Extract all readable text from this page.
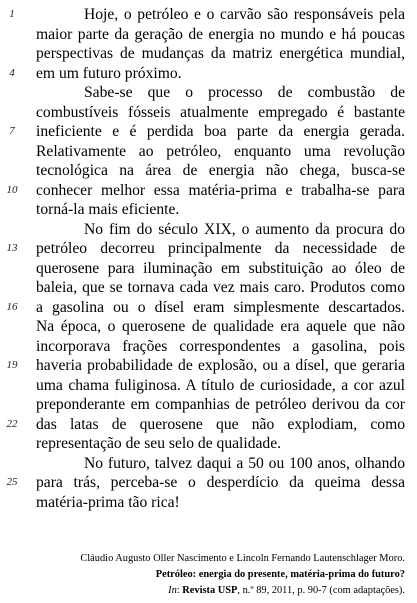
1	Hoje, o petróleo e o carvão são responsáveis pela
maior parte da geração de energia no mundo e há poucas
perspectivas de mudanças da matriz energética mundial,
4	em um futuro próximo.
Sabe-se que o processo de combustão de
combustíveis fósseis atualmente empregado é bastante
7	ineficiente e é perdida boa parte da energia gerada.
Relativamente ao petróleo, enquanto uma revolução
tecnológica na área de energia não chega, busca-se
10	conhecer melhor essa matéria-prima e trabalha-se para
torná-la mais eficiente.
No fim do século XIX, o aumento da procura do
13	petróleo decorreu principalmente da necessidade de
querosene para iluminação em substituição ao óleo de
baleia, que se tornava cada vez mais caro. Produtos como
16	a gasolina ou o dísel eram simplesmente descartados.
Na época, o querosene de qualidade era aquele que não
incorporava frações correspondentes a gasolina, pois
19	haveria probabilidade de explosão, ou a dísel, que geraria
uma chama fuliginosa. A título de curiosidade, a cor azul
preponderante em companhias de petróleo derivou da cor
22	das latas de querosene que não explodiam, como
representação de seu selo de qualidade.
No futuro, talvez daqui a 50 ou 100 anos, olhando
25	para trás, perceba-se o desperdício da queima dessa
matéria-prima tão rica!
Cláudio Augusto Oller Nascimento e Lincoln Fernando Lautenschlager Moro.
Petróleo: energia do presente, matéria-prima do futuro?
In: Revista USP, n.º 89, 2011, p. 90-7 (com adaptações).
